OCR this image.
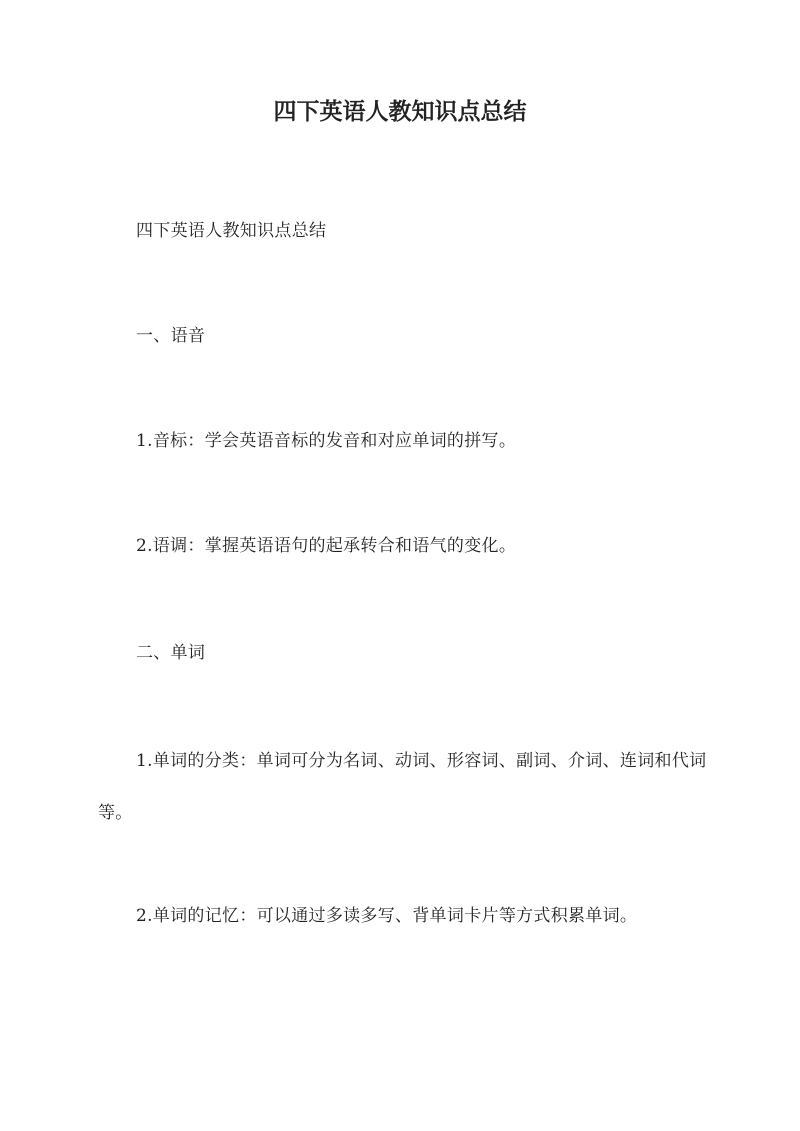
四下英语人教知识点总结

四下英语人教知识点总结

一、语音

1.音标：学会英语音标的发音和对应单词的拼写。

2.语调：掌握英语语句的起承转合和语气的变化。

二、单词

1.单词的分类：单词可分为名词、动词、形容词、副词、介词、连词和代词等。

2.单词的记忆：可以通过多读多写、背单词卡片等方式积累单词。
